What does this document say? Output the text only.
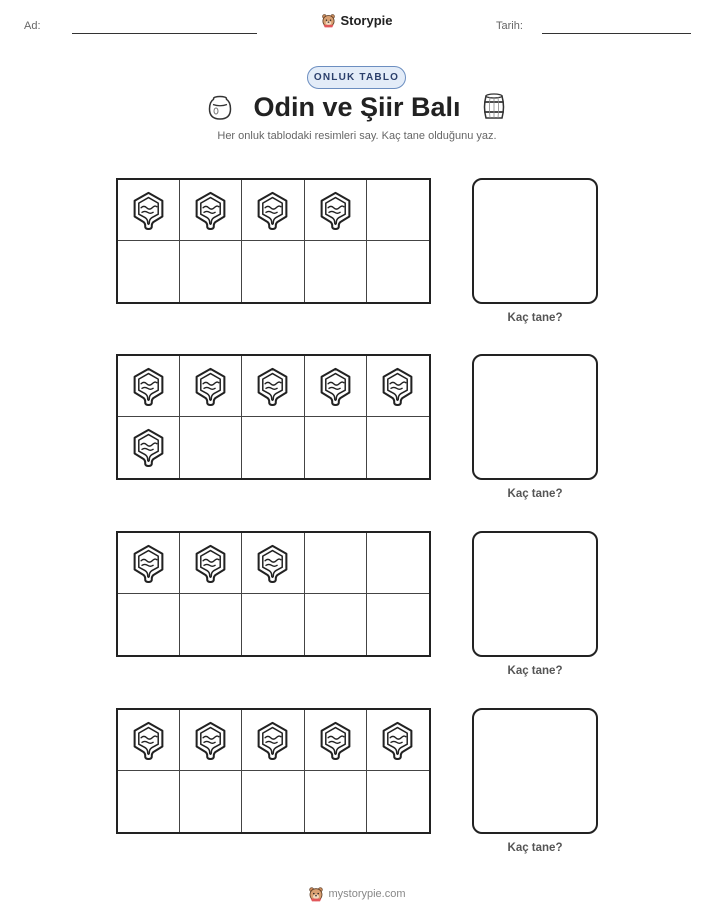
Ad:	Tarih:
Storypie
ONLUK TABLO
Odin ve Şiir Balı
Her onluk tablodaki resimleri say. Kaç tane olduğunu yaz.
Kaç tane?
Kaç tane?
Kaç tane?
Kaç tane?
mystorypie.com
